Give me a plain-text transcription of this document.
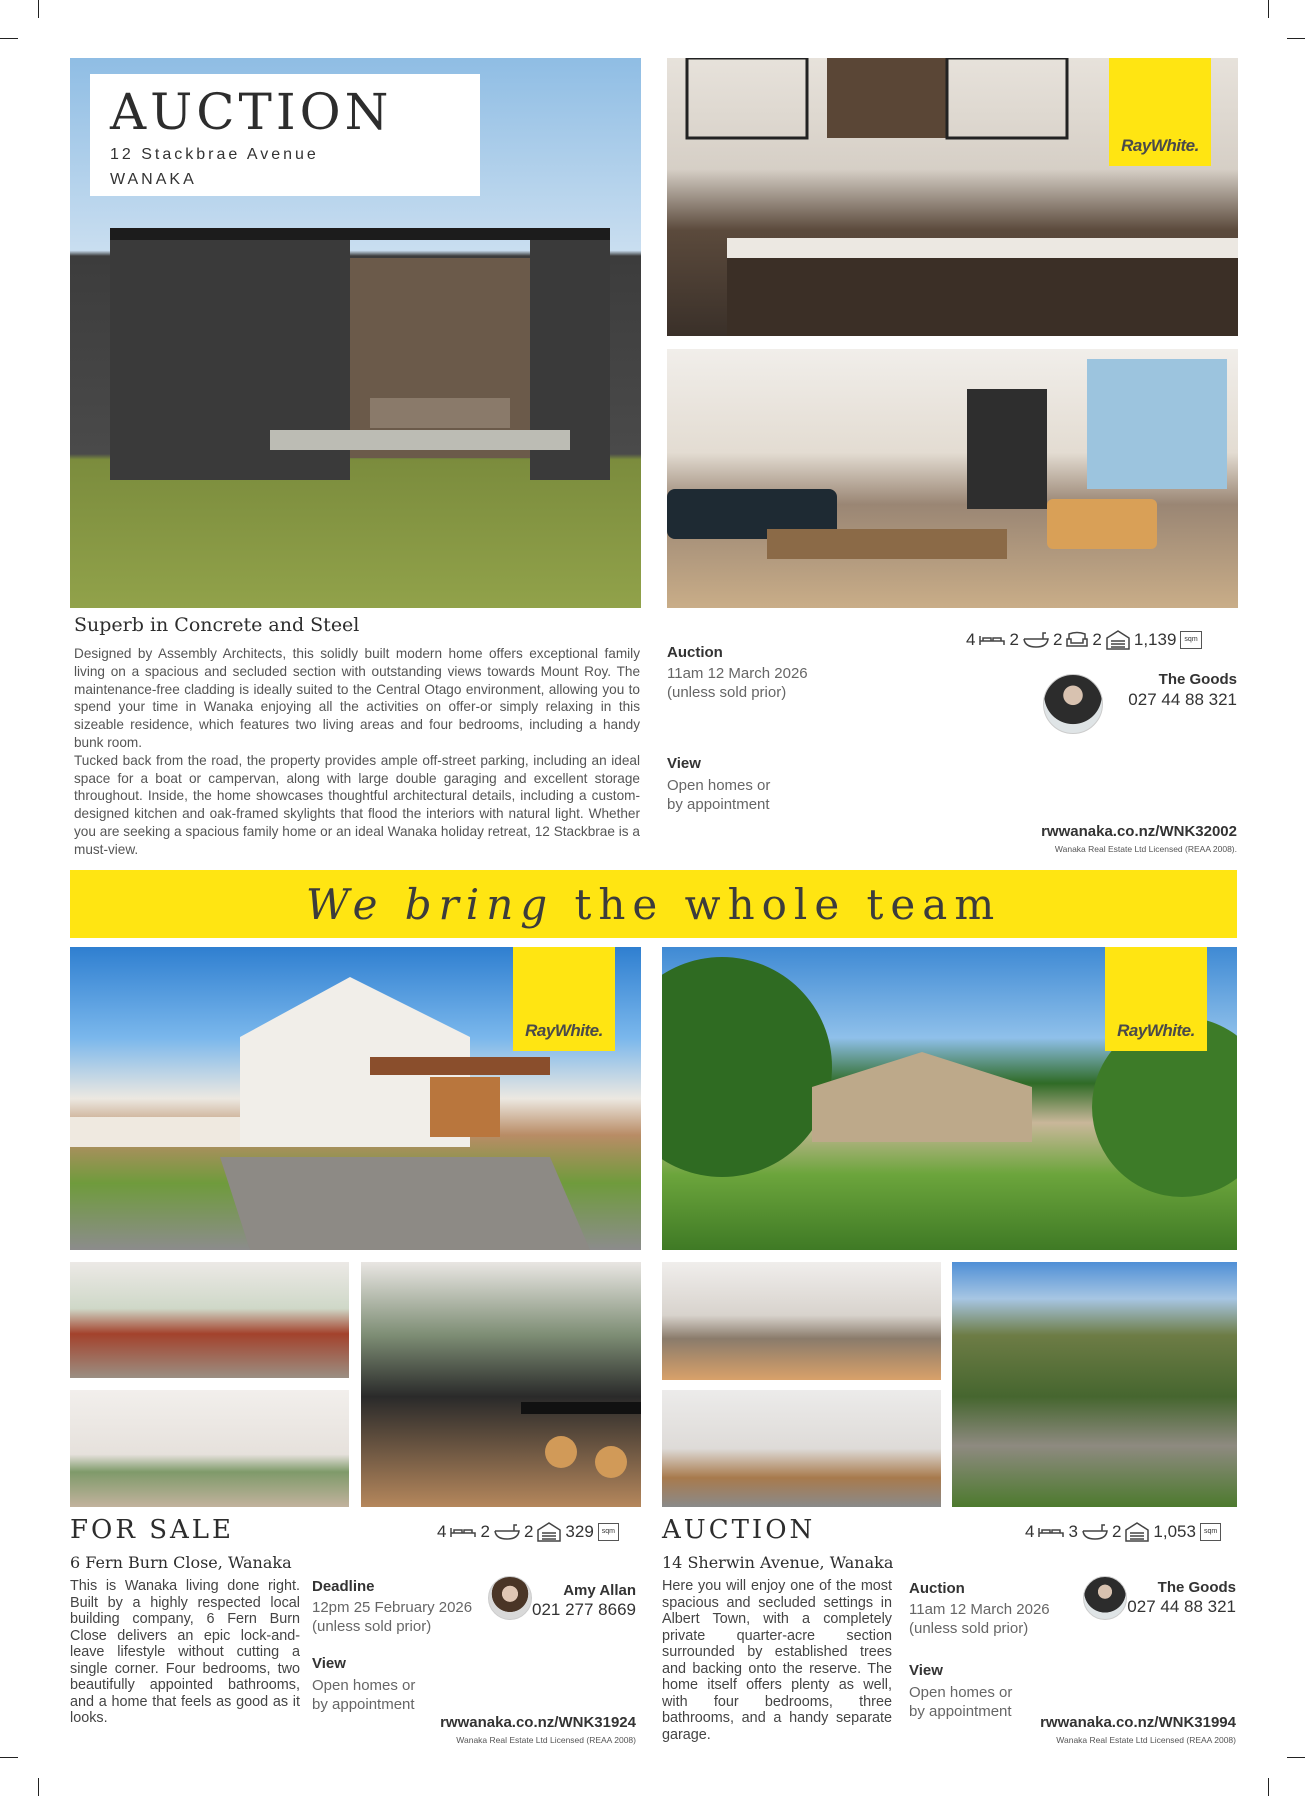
AUCTION
12 Stackbrae Avenue
WANAKA
RayWhite.
Superb in Concrete and Steel
Designed by Assembly Architects, this solidly built modern home offers exceptional family living on a spacious and secluded section with outstanding views towards Mount Roy. The maintenance-free cladding is ideally suited to the Central Otago environment, allowing you to spend your time in Wanaka enjoying all the activities on offer-or simply relaxing in this sizeable residence, which features two living areas and four bedrooms, including a handy bunk room.
Tucked back from the road, the property provides ample off-street parking, including an ideal space for a boat or campervan, along with large double garaging and excellent storage throughout. Inside, the home showcases thoughtful architectural details, including a custom-designed kitchen and oak-framed skylights that flood the interiors with natural light. Whether you are seeking a spacious family home or an ideal Wanaka holiday retreat, 12 Stackbrae is a must-view.
4 2 2 2 1,139	sqm
Auction
11am 12 March 2026
(unless sold prior)
View
Open homes or
by appointment
The Goods
027 44 88 321
rwwanaka.co.nz/WNK32002
Wanaka Real Estate Ltd Licensed (REAA 2008).
We bring the whole team
RayWhite.
FOR SALE	4 2 2 329	sqm
6 Fern Burn Close, Wanaka
This is Wanaka living done right. Built by a highly respected local building company, 6 Fern Burn Close delivers an epic lock-and-leave lifestyle without cutting a single corner. Four bedrooms, two beautifully appointed bathrooms, and a home that feels as good as it looks.
Deadline
12pm 25 February 2026
(unless sold prior)
View
Open homes or
by appointment
Amy Allan
021 277 8669
rwwanaka.co.nz/WNK31924
Wanaka Real Estate Ltd Licensed (REAA 2008)
RayWhite.
AUCTION	4 3 2 1,053	sqm
14 Sherwin Avenue, Wanaka
Here you will enjoy one of the most spacious and secluded settings in Albert Town, with a completely private quarter-acre section surrounded by established trees and backing onto the reserve. The home itself offers plenty as well, with four bedrooms, three bathrooms, and a handy separate garage.
Auction
11am 12 March 2026
(unless sold prior)
View
Open homes or
by appointment
The Goods
027 44 88 321
rwwanaka.co.nz/WNK31994
Wanaka Real Estate Ltd Licensed (REAA 2008)
